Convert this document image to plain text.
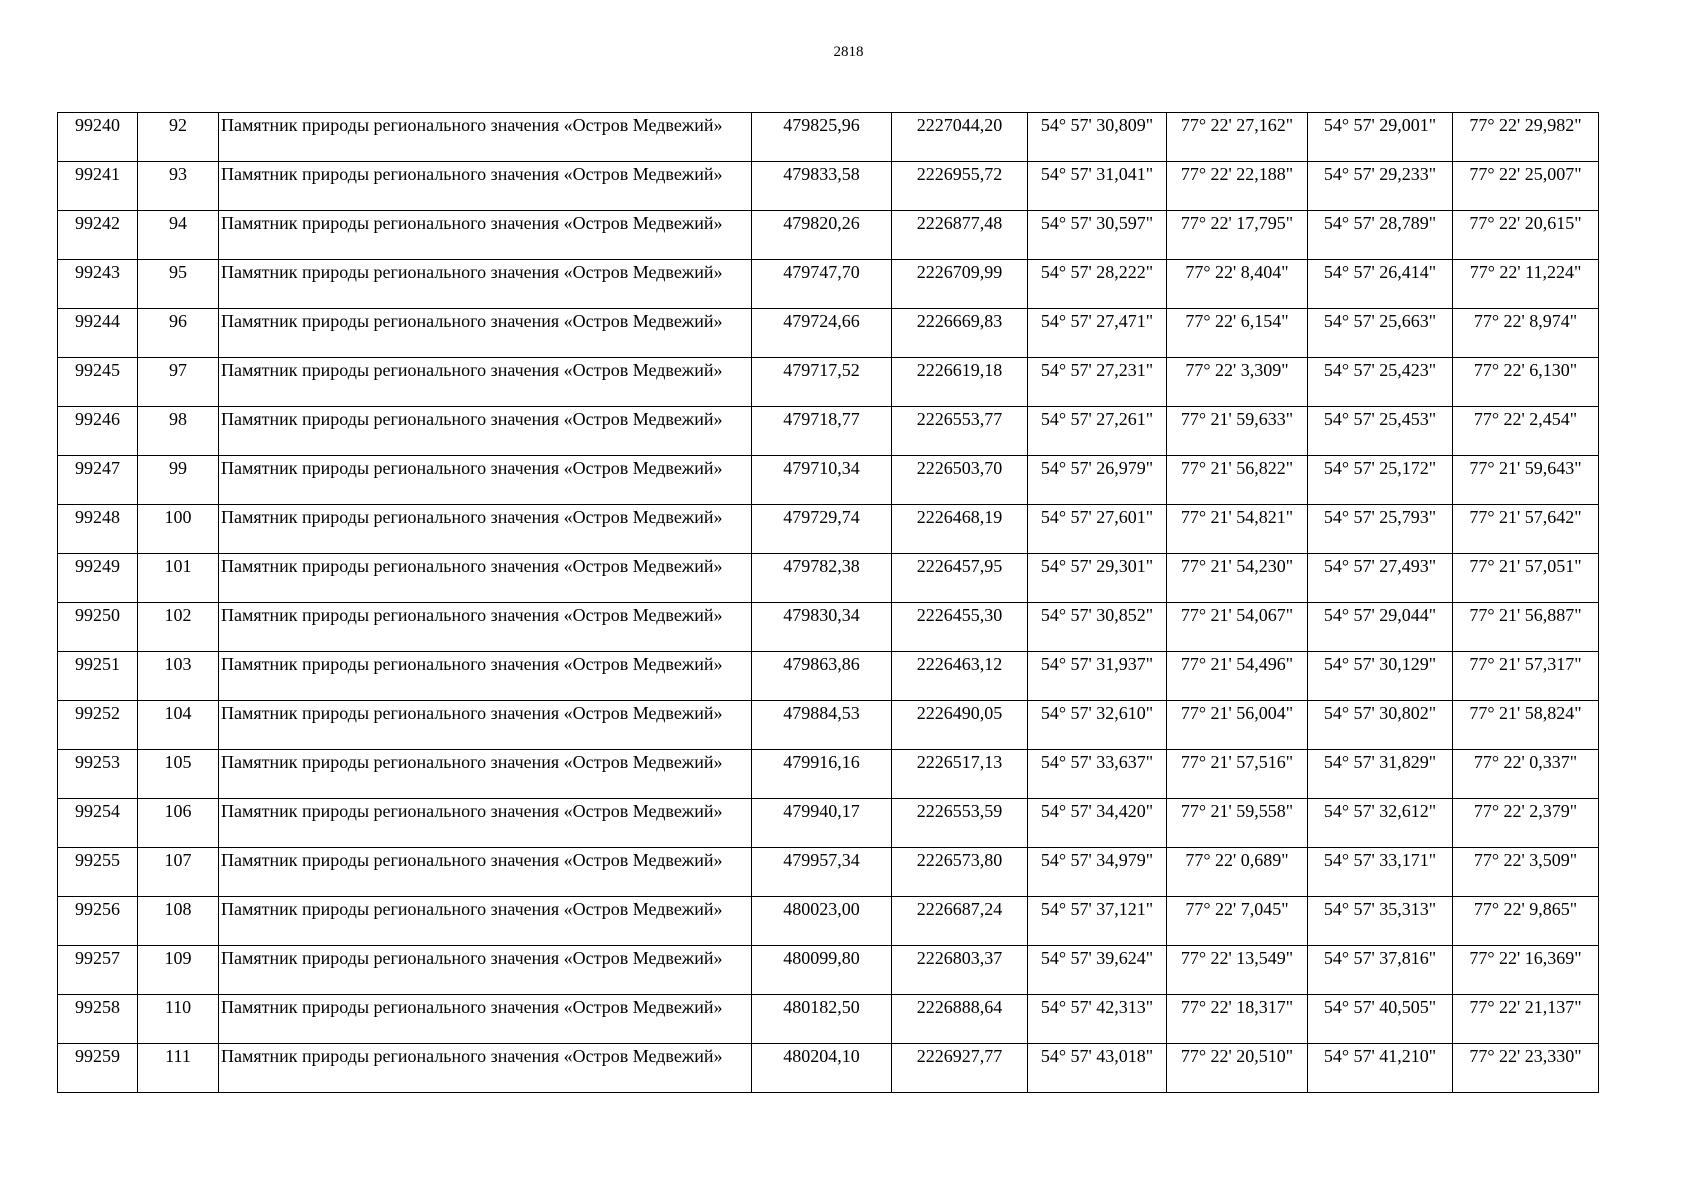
2818
99240	92	Памятник природы регионального значения «Остров Медвежий»	479825,96	2227044,20	54° 57' 30,809"	77° 22' 27,162"	54° 57' 29,001"	77° 22' 29,982"
99241	93	Памятник природы регионального значения «Остров Медвежий»	479833,58	2226955,72	54° 57' 31,041"	77° 22' 22,188"	54° 57' 29,233"	77° 22' 25,007"
99242	94	Памятник природы регионального значения «Остров Медвежий»	479820,26	2226877,48	54° 57' 30,597"	77° 22' 17,795"	54° 57' 28,789"	77° 22' 20,615"
99243	95	Памятник природы регионального значения «Остров Медвежий»	479747,70	2226709,99	54° 57' 28,222"	77° 22' 8,404"	54° 57' 26,414"	77° 22' 11,224"
99244	96	Памятник природы регионального значения «Остров Медвежий»	479724,66	2226669,83	54° 57' 27,471"	77° 22' 6,154"	54° 57' 25,663"	77° 22' 8,974"
99245	97	Памятник природы регионального значения «Остров Медвежий»	479717,52	2226619,18	54° 57' 27,231"	77° 22' 3,309"	54° 57' 25,423"	77° 22' 6,130"
99246	98	Памятник природы регионального значения «Остров Медвежий»	479718,77	2226553,77	54° 57' 27,261"	77° 21' 59,633"	54° 57' 25,453"	77° 22' 2,454"
99247	99	Памятник природы регионального значения «Остров Медвежий»	479710,34	2226503,70	54° 57' 26,979"	77° 21' 56,822"	54° 57' 25,172"	77° 21' 59,643"
99248	100	Памятник природы регионального значения «Остров Медвежий»	479729,74	2226468,19	54° 57' 27,601"	77° 21' 54,821"	54° 57' 25,793"	77° 21' 57,642"
99249	101	Памятник природы регионального значения «Остров Медвежий»	479782,38	2226457,95	54° 57' 29,301"	77° 21' 54,230"	54° 57' 27,493"	77° 21' 57,051"
99250	102	Памятник природы регионального значения «Остров Медвежий»	479830,34	2226455,30	54° 57' 30,852"	77° 21' 54,067"	54° 57' 29,044"	77° 21' 56,887"
99251	103	Памятник природы регионального значения «Остров Медвежий»	479863,86	2226463,12	54° 57' 31,937"	77° 21' 54,496"	54° 57' 30,129"	77° 21' 57,317"
99252	104	Памятник природы регионального значения «Остров Медвежий»	479884,53	2226490,05	54° 57' 32,610"	77° 21' 56,004"	54° 57' 30,802"	77° 21' 58,824"
99253	105	Памятник природы регионального значения «Остров Медвежий»	479916,16	2226517,13	54° 57' 33,637"	77° 21' 57,516"	54° 57' 31,829"	77° 22' 0,337"
99254	106	Памятник природы регионального значения «Остров Медвежий»	479940,17	2226553,59	54° 57' 34,420"	77° 21' 59,558"	54° 57' 32,612"	77° 22' 2,379"
99255	107	Памятник природы регионального значения «Остров Медвежий»	479957,34	2226573,80	54° 57' 34,979"	77° 22' 0,689"	54° 57' 33,171"	77° 22' 3,509"
99256	108	Памятник природы регионального значения «Остров Медвежий»	480023,00	2226687,24	54° 57' 37,121"	77° 22' 7,045"	54° 57' 35,313"	77° 22' 9,865"
99257	109	Памятник природы регионального значения «Остров Медвежий»	480099,80	2226803,37	54° 57' 39,624"	77° 22' 13,549"	54° 57' 37,816"	77° 22' 16,369"
99258	110	Памятник природы регионального значения «Остров Медвежий»	480182,50	2226888,64	54° 57' 42,313"	77° 22' 18,317"	54° 57' 40,505"	77° 22' 21,137"
99259	111	Памятник природы регионального значения «Остров Медвежий»	480204,10	2226927,77	54° 57' 43,018"	77° 22' 20,510"	54° 57' 41,210"	77° 22' 23,330"
